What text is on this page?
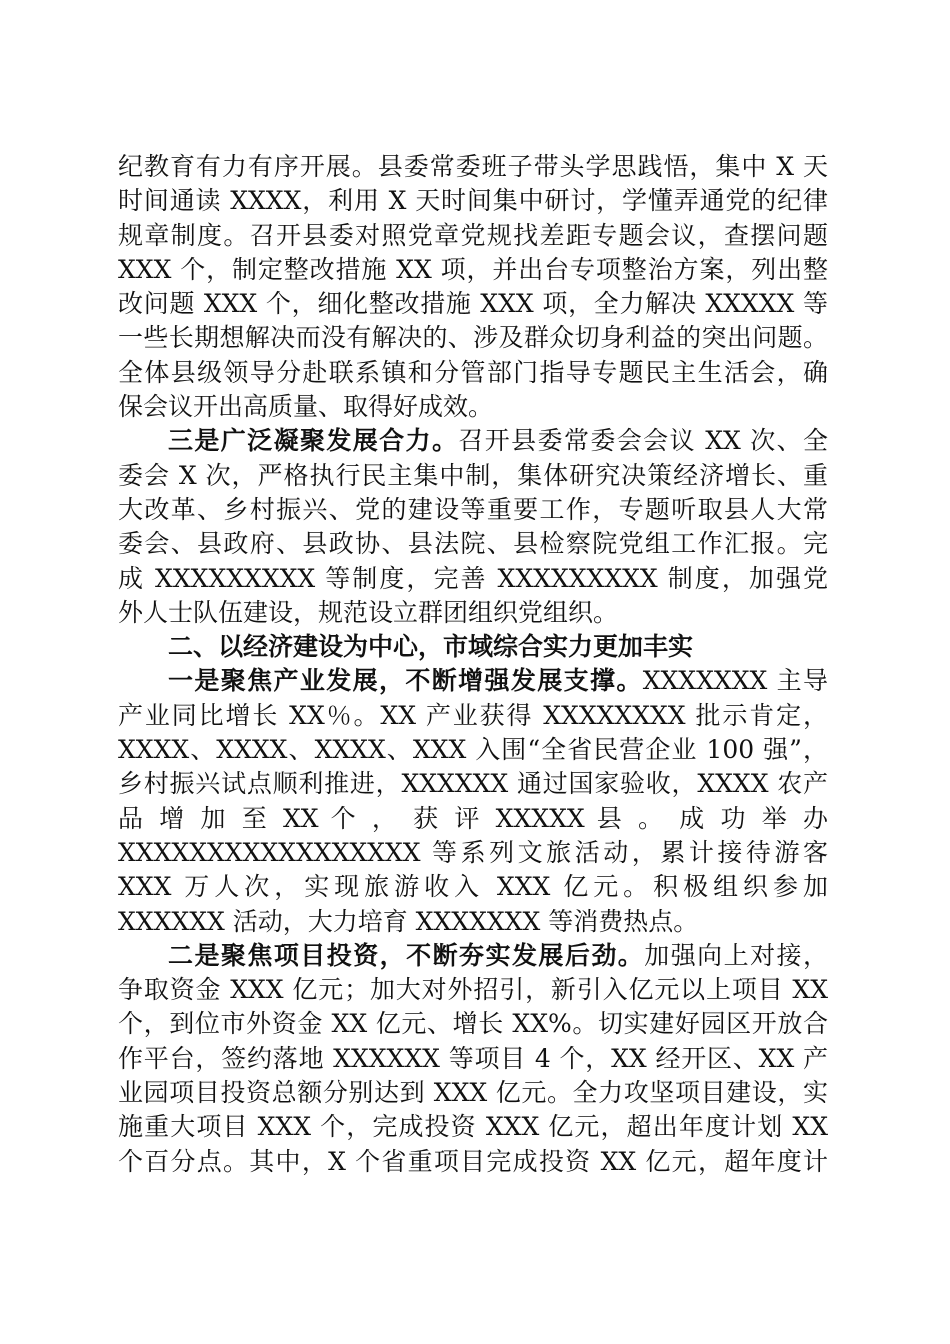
纪教育有力有序开展。县委常委班子带头学思践悟，集中 X 天
时间通读 XXXX，利用 X 天时间集中研讨，学懂弄通党的纪律
规章制度。召开县委对照党章党规找差距专题会议，查摆问题
XXX 个，制定整改措施 XX 项，并出台专项整治方案，列出整
改问题 XXX 个，细化整改措施 XXX 项，全力解决 XXXXX 等
一些长期想解决而没有解决的、涉及群众切身利益的突出问题。
全体县级领导分赴联系镇和分管部门指导专题民主生活会，确
保会议开出高质量、取得好成效。
三是广泛凝聚发展合力。召开县委常委会会议 XX 次、全
委会 X 次，严格执行民主集中制，集体研究决策经济增长、重
大改革、乡村振兴、党的建设等重要工作，专题听取县人大常
委会、县政府、县政协、县法院、县检察院党组工作汇报。完
成 XXXXXXXXX 等制度，完善 XXXXXXXXX 制度，加强党
外人士队伍建设，规范设立群团组织党组织。
二、以经济建设为中心，市域综合实力更加丰实
一是聚焦产业发展，不断增强发展支撑。XXXXXXX 主导
产业同比增长 XX％。XX 产业获得 XXXXXXXX 批示肯定，
XXXX、XXXX、XXXX、XXX 入围“全省民营企业 100 强”，
乡村振兴试点顺利推进，XXXXXX 通过国家验收，XXXX 农产
品 增 加 至 XX 个 ， 获 评 XXXXX 县 。 成 功 举 办
XXXXXXXXXXXXXXXXX 等系列文旅活动，累计接待游客
XXX 万人次，实现旅游收入 XXX 亿元。积极组织参加
XXXXXX 活动，大力培育 XXXXXXX 等消费热点。
二是聚焦项目投资，不断夯实发展后劲。加强向上对接，
争取资金 XXX 亿元；加大对外招引，新引入亿元以上项目 XX
个，到位市外资金 XX 亿元、增长 XX%。切实建好园区开放合
作平台，签约落地 XXXXXX 等项目 4 个，XX 经开区、XX 产
业园项目投资总额分别达到 XXX 亿元。全力攻坚项目建设，实
施重大项目 XXX 个，完成投资 XXX 亿元，超出年度计划 XX
个百分点。其中，X 个省重项目完成投资 XX 亿元，超年度计
